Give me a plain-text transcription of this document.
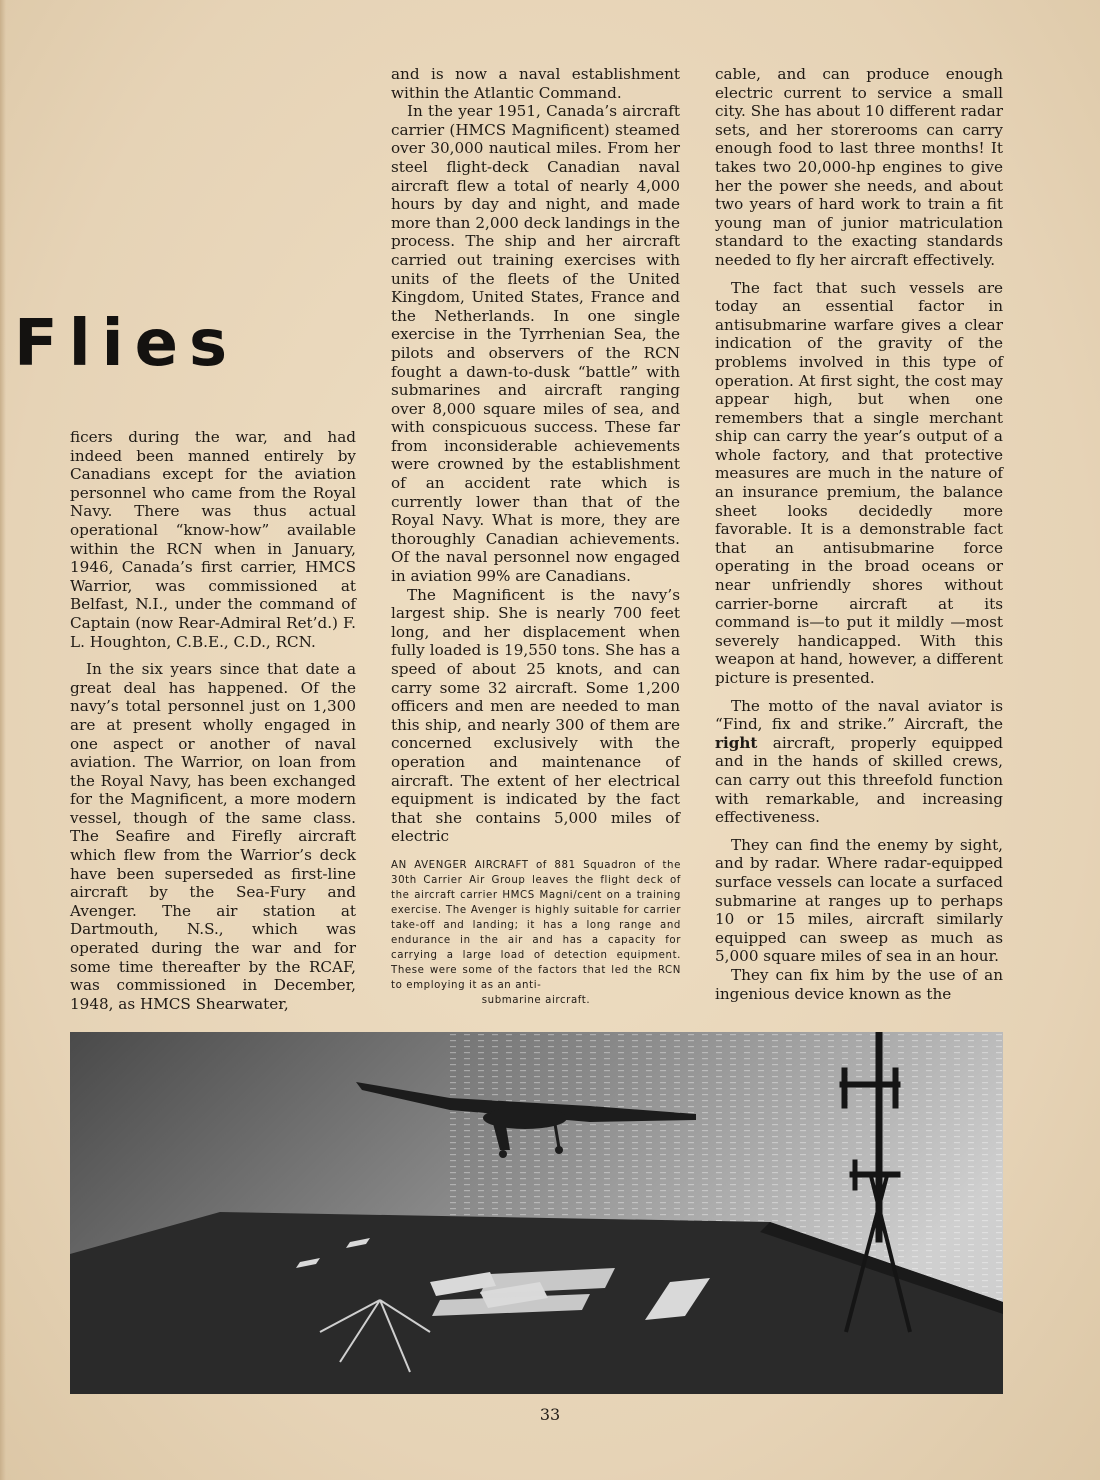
Flies

ficers during the war, and had indeed been manned entirely by Canadians except for the aviation personnel who came from the Royal Navy. There was thus actual operational “know-how” available within the RCN when in January, 1946, Canada’s first carrier, HMCS Warrior, was commissioned at Belfast, N.I., under the command of Captain (now Rear-Admiral Ret’d.) F. L. Houghton, C.B.E., C.D., RCN.

In the six years since that date a great deal has happened. Of the navy’s total personnel just on 1,300 are at present wholly engaged in one aspect or another of naval aviation. The Warrior, on loan from the Royal Navy, has been exchanged for the Magnificent, a more modern vessel, though of the same class. The Seafire and Firefly aircraft which flew from the Warrior’s deck have been superseded as first-line aircraft by the Sea-Fury and Avenger. The air station at Dartmouth, N.S., which was operated during the war and for some time thereafter by the RCAF, was commissioned in December, 1948, as HMCS Shearwater,

and is now a naval establishment within the Atlantic Command.

In the year 1951, Canada’s aircraft carrier (HMCS Magnificent) steamed over 30,000 nautical miles. From her steel flight-deck Canadian naval aircraft flew a total of nearly 4,000 hours by day and night, and made more than 2,000 deck landings in the process. The ship and her aircraft carried out training exercises with units of the fleets of the United Kingdom, United States, France and the Netherlands. In one single exercise in the Tyrrhenian Sea, the pilots and observers of the RCN fought a dawn-to-dusk “battle” with submarines and aircraft ranging over 8,000 square miles of sea, and with conspicuous success. These far from inconsiderable achievements were crowned by the establishment of an accident rate which is currently lower than that of the Royal Navy. What is more, they are thoroughly Canadian achievements. Of the naval personnel now engaged in aviation 99% are Canadians.

The Magnificent is the navy’s largest ship. She is nearly 700 feet long, and her displacement when fully loaded is 19,550 tons. She has a speed of about 25 knots, and can carry some 32 aircraft. Some 1,200 officers and men are needed to man this ship, and nearly 300 of them are concerned exclusively with the operation and maintenance of aircraft. The extent of her electrical equipment is indicated by the fact that she contains 5,000 miles of electric

cable, and can produce enough electric current to service a small city. She has about 10 different radar sets, and her storerooms can carry enough food to last three months! It takes two 20,000-hp engines to give her the power she needs, and about two years of hard work to train a fit young man of junior matriculation standard to the exacting standards needed to fly her aircraft effectively.

The fact that such vessels are today an essential factor in antisubmarine warfare gives a clear indication of the gravity of the problems involved in this type of operation. At first sight, the cost may appear high, but when one remembers that a single merchant ship can carry the year’s output of a whole factory, and that protective measures are much in the nature of an insurance premium, the balance sheet looks decidedly more favorable. It is a demonstrable fact that an antisubmarine force operating in the broad oceans or near unfriendly shores without carrier-borne aircraft at its command is—to put it mildly —most severely handicapped. With this weapon at hand, however, a different picture is presented.

The motto of the naval aviator is “Find, fix and strike.” Aircraft, the right aircraft, properly equipped and in the hands of skilled crews, can carry out this threefold function with remarkable, and increasing effectiveness.

They can find the enemy by sight, and by radar. Where radar-equipped surface vessels can locate a surfaced submarine at ranges up to perhaps 10 or 15 miles, aircraft similarly equipped can sweep as much as 5,000 square miles of sea in an hour.

They can fix him by the use of an ingenious device known as the

AN AVENGER AIRCRAFT of 881 Squadron of the 30th Carrier Air Group leaves the flight deck of the aircraft carrier HMCS Magni/cent on a training exercise. The Avenger is highly suitable for carrier take-off and landing; it has a long range and endurance in the air and has a capacity for carrying a large load of detection equipment. These were some of the factors that led the RCN to employing it as an anti-
submarine aircraft.
33
